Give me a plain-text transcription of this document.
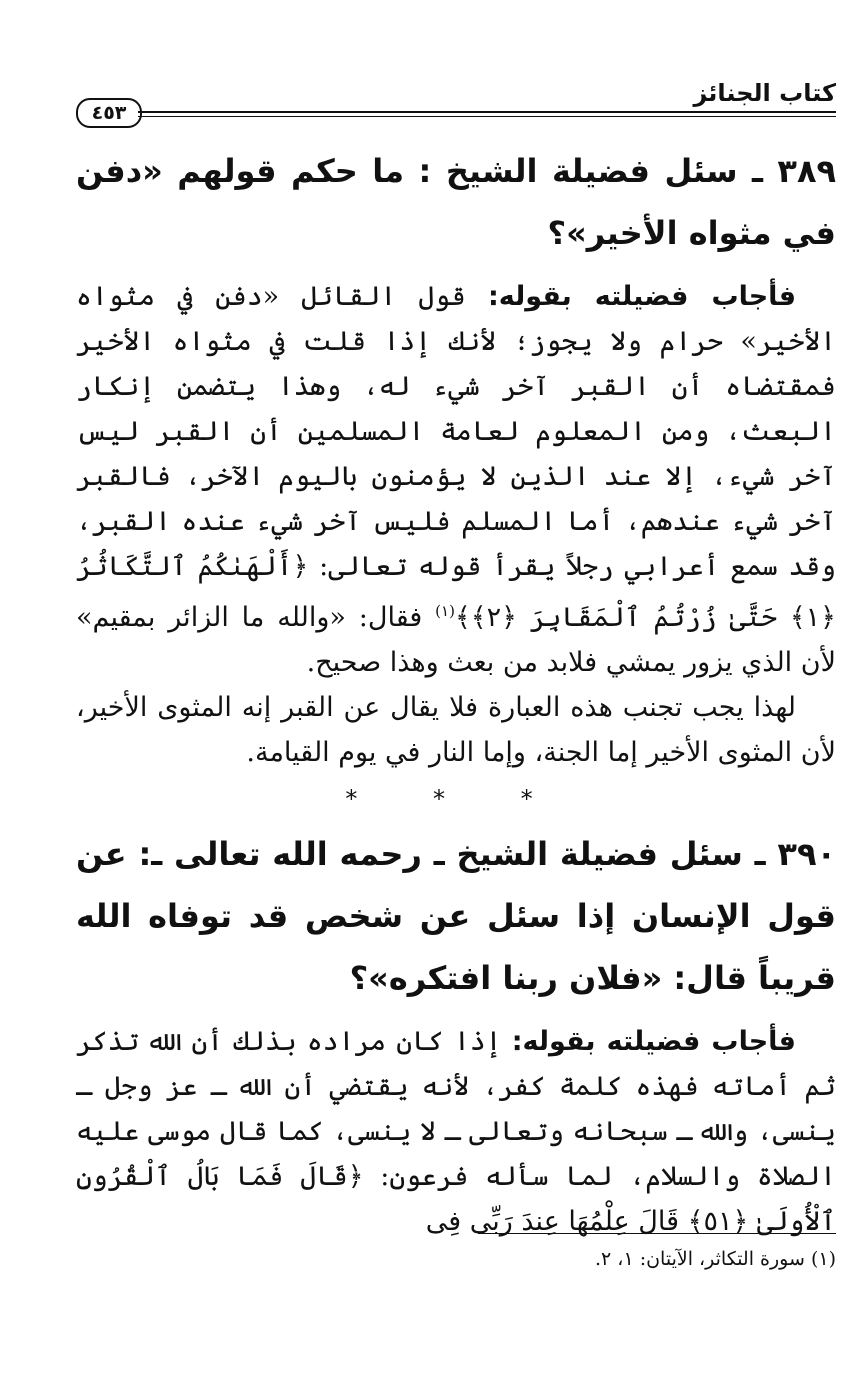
كتاب الجنائز
٤٥٣

٣٨٩ ـ سئل فضيلة الشيخ : ما حكم قولهم «دفن في مثواه الأخير»؟

فأجاب فضيلته بقوله: قول القائل «دفن في مثواه الأخير» حرام ولا يجوز؛ لأنك إذا قلت في مثواه الأخير فمقتضاه أن القبر آخر شيء له، وهذا يتضمن إنكار البعث، ومن المعلوم لعامة المسلمين أن القبر ليس آخر شيء، إلا عند الذين لا يؤمنون باليوم الآخر، فالقبر آخر شيء عندهم، أما المسلم فليس آخر شيء عنده القبر، وقد سمع أعرابي رجلاً يقرأ قوله تعالى: ﴿أَلْهَىٰكُمُ ٱلتَّكَاثُرُ ﴿١﴾ حَتَّىٰ زُرْتُمُ ٱلْمَقَابِرَ ﴿٢﴾﴾$^{(١)}$ فقال: «والله ما الزائر بمقيم» لأن الذي يزور يمشي فلابد من بعث وهذا صحيح.

لهذا يجب تجنب هذه العبارة فلا يقال عن القبر إنه المثوى الأخير، لأن المثوى الأخير إما الجنة، وإما النار في يوم القيامة.

* * *

٣٩٠ ـ سئل فضيلة الشيخ ـ رحمه الله تعالى ـ: عن قول الإنسان إذا سئل عن شخص قد توفاه الله قريباً قال: «فلان ربنا افتكره»؟

فأجاب فضيلته بقوله: إذا كان مراده بذلك أن الله تذكر ثم أماته فهذه كلمة كفر، لأنه يقتضي أن الله ـ عز وجل ـ ينسى، والله ـ سبحانه وتعالى ـ لا ينسى، كما قال موسى عليه الصلاة والسلام، لما سأله فرعون: ﴿قَالَ فَمَا بَالُ ٱلْقُرُونِ ٱلْأُولَىٰ ﴿٥١﴾ قَالَ عِلْمُهَا عِندَ رَبِّى فِى

(١) سورة التكاثر، الآيتان: ١، ٢.
